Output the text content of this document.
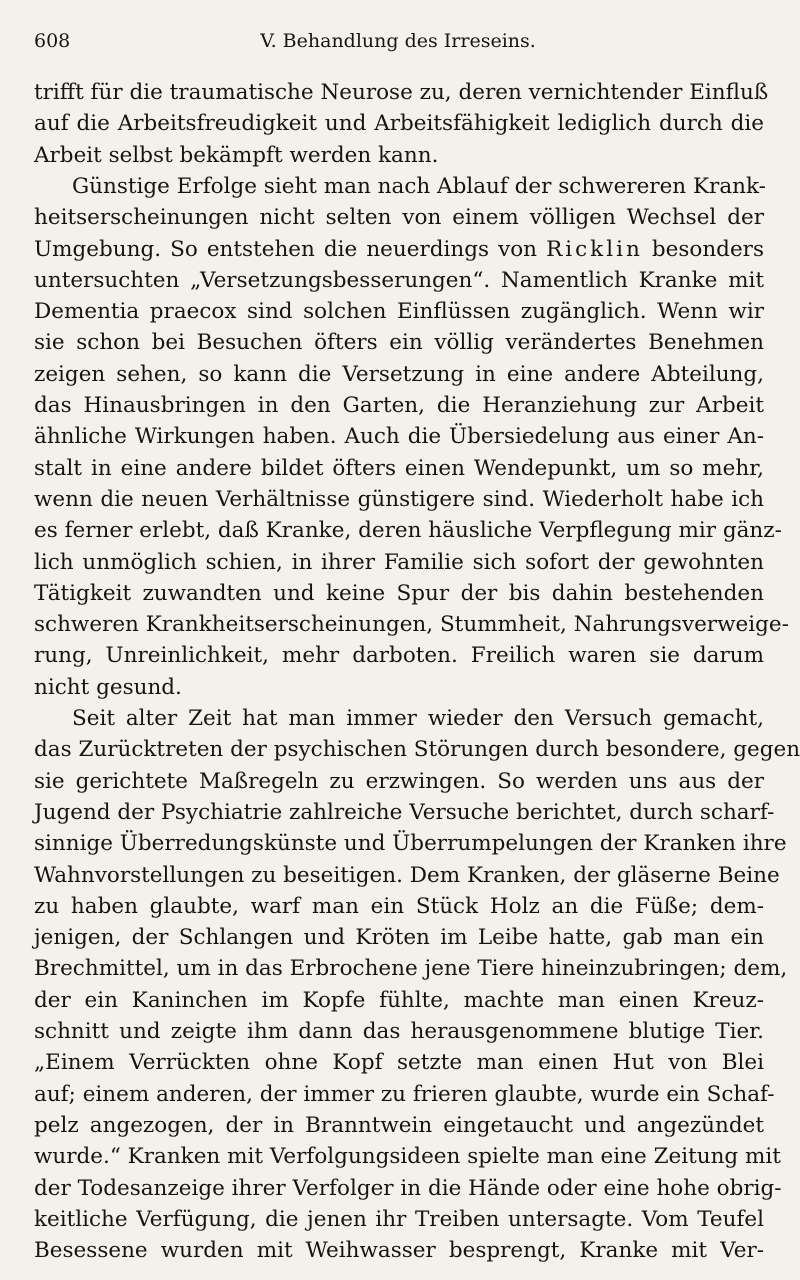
608	V. Behandlung des Irreseins.
trifft für die traumatische Neurose zu, deren vernichtender Einfluß
auf die Arbeitsfreudigkeit und Arbeitsfähigkeit lediglich durch die
Arbeit selbst bekämpft werden kann.
Günstige Erfolge sieht man nach Ablauf der schwereren Krank-
heitserscheinungen nicht selten von einem völligen Wechsel der
Umgebung. So entstehen die neuerdings von Ricklin besonders
untersuchten „Versetzungsbesserungen“. Namentlich Kranke mit
Dementia praecox sind solchen Einflüssen zugänglich. Wenn wir
sie schon bei Besuchen öfters ein völlig verändertes Benehmen
zeigen sehen, so kann die Versetzung in eine andere Abteilung,
das Hinausbringen in den Garten, die Heranziehung zur Arbeit
ähnliche Wirkungen haben. Auch die Übersiedelung aus einer An-
stalt in eine andere bildet öfters einen Wendepunkt, um so mehr,
wenn die neuen Verhältnisse günstigere sind. Wiederholt habe ich
es ferner erlebt, daß Kranke, deren häusliche Verpflegung mir gänz-
lich unmöglich schien, in ihrer Familie sich sofort der gewohnten
Tätigkeit zuwandten und keine Spur der bis dahin bestehenden
schweren Krankheitserscheinungen, Stummheit, Nahrungsverweige-
rung, Unreinlichkeit, mehr darboten. Freilich waren sie darum
nicht gesund.
Seit alter Zeit hat man immer wieder den Versuch gemacht,
das Zurücktreten der psychischen Störungen durch besondere, gegen
sie gerichtete Maßregeln zu erzwingen. So werden uns aus der
Jugend der Psychiatrie zahlreiche Versuche berichtet, durch scharf-
sinnige Überredungskünste und Überrumpelungen der Kranken ihre
Wahnvorstellungen zu beseitigen. Dem Kranken, der gläserne Beine
zu haben glaubte, warf man ein Stück Holz an die Füße; dem-
jenigen, der Schlangen und Kröten im Leibe hatte, gab man ein
Brechmittel, um in das Erbrochene jene Tiere hineinzubringen; dem,
der ein Kaninchen im Kopfe fühlte, machte man einen Kreuz-
schnitt und zeigte ihm dann das herausgenommene blutige Tier.
„Einem Verrückten ohne Kopf setzte man einen Hut von Blei
auf; einem anderen, der immer zu frieren glaubte, wurde ein Schaf-
pelz angezogen, der in Branntwein eingetaucht und angezündet
wurde.“ Kranken mit Verfolgungsideen spielte man eine Zeitung mit
der Todesanzeige ihrer Verfolger in die Hände oder eine hohe obrig-
keitliche Verfügung, die jenen ihr Treiben untersagte. Vom Teufel
Besessene wurden mit Weihwasser besprengt, Kranke mit Ver-
